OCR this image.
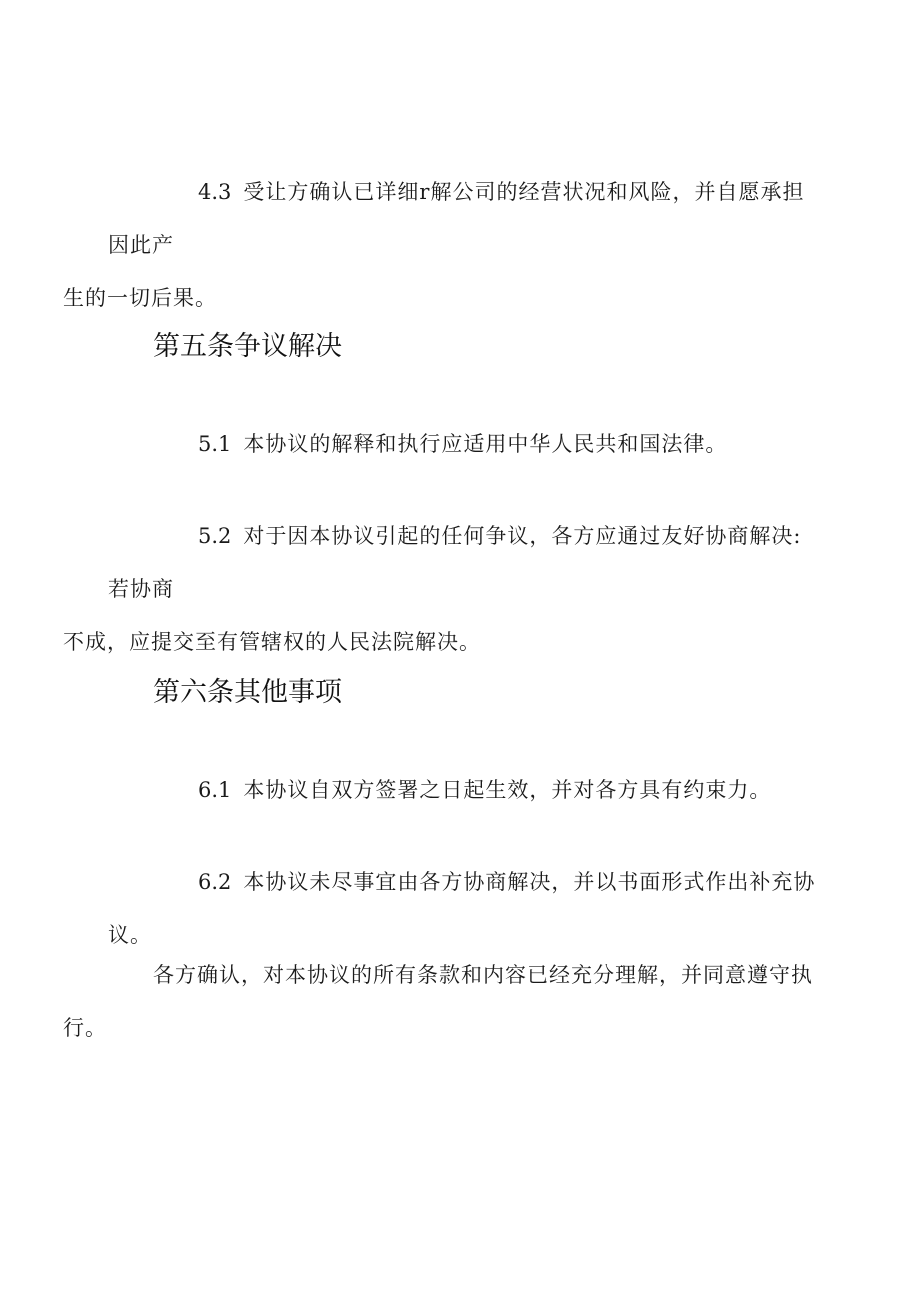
4.3 受让方确认已详细r解公司的经营状况和风险，并自愿承担因此产
生的一切后果。
第五条争议解决
5.1 本协议的解释和执行应适用中华人民共和国法律。
5.2 对于因本协议引起的任何争议，各方应通过友好协商解决:若协商
不成，应提交至有管辖权的人民法院解决。
第六条其他事项
6.1 本协议自双方签署之日起生效，并对各方具有约束力。
6.2 本协议未尽事宜由各方协商解决，并以书面形式作出补充协议。
各方确认，对本协议的所有条款和内容已经充分理解，并同意遵守执
行。
